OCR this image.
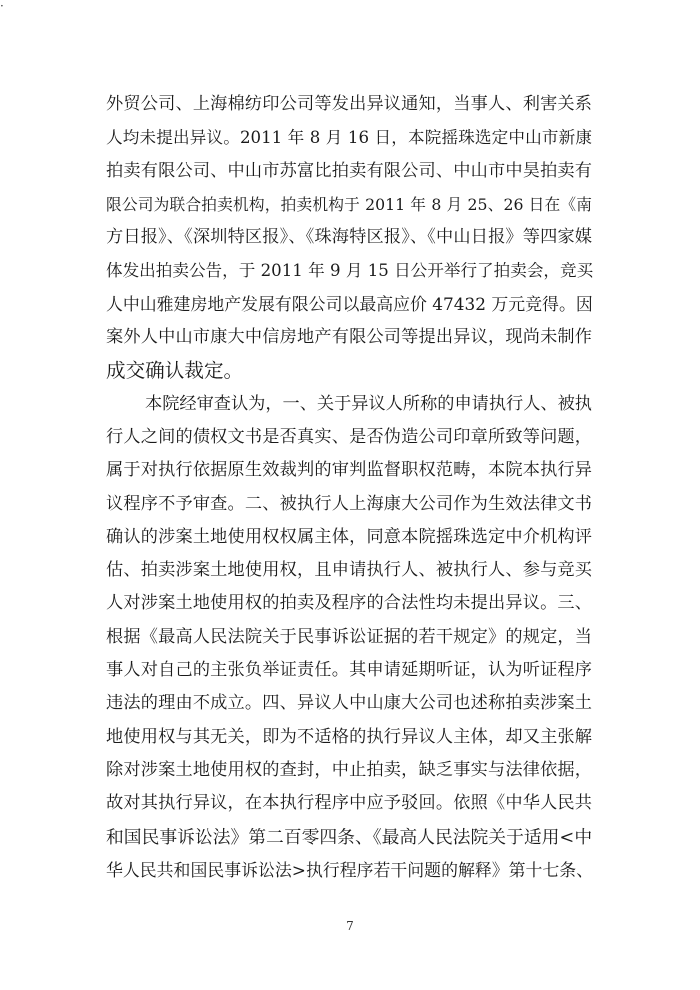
·
外贸公司、上海棉纺印公司等发出异议通知，当事人、利害关系
人均未提出异议。2011 年 8 月 16 日，本院摇珠选定中山市新康
拍卖有限公司、中山市苏富比拍卖有限公司、中山市中昊拍卖有
限公司为联合拍卖机构，拍卖机构于 2011 年 8 月 25、26 日在《南
方日报》、《深圳特区报》、《珠海特区报》、《中山日报》等四家媒
体发出拍卖公告，于 2011 年 9 月 15 日公开举行了拍卖会，竞买
人中山雅建房地产发展有限公司以最高应价 47432 万元竞得。因
案外人中山市康大中信房地产有限公司等提出异议，现尚未制作
成交确认裁定。
本院经审查认为，一、关于异议人所称的申请执行人、被执
行人之间的债权文书是否真实、是否伪造公司印章所致等问题，
属于对执行依据原生效裁判的审判监督职权范畴，本院本执行异
议程序不予审查。二、被执行人上海康大公司作为生效法律文书
确认的涉案土地使用权权属主体，同意本院摇珠选定中介机构评
估、拍卖涉案土地使用权，且申请执行人、被执行人、参与竞买
人对涉案土地使用权的拍卖及程序的合法性均未提出异议。三、
根据《最高人民法院关于民事诉讼证据的若干规定》的规定，当
事人对自己的主张负举证责任。其申请延期听证，认为听证程序
违法的理由不成立。四、异议人中山康大公司也述称拍卖涉案土
地使用权与其无关，即为不适格的执行异议人主体，却又主张解
除对涉案土地使用权的查封，中止拍卖，缺乏事实与法律依据，
故对其执行异议，在本执行程序中应予驳回。依照《中华人民共
和国民事诉讼法》第二百零四条、《最高人民法院关于适用<中
华人民共和国民事诉讼法>执行程序若干问题的解释》第十七条、
7
